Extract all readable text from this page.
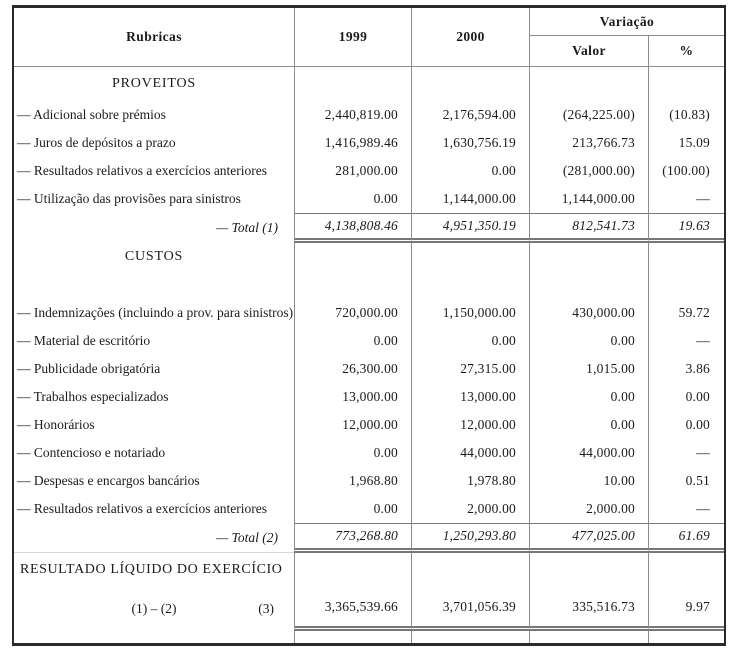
Rubricas	1999	2000
Variação
Valor	%
PROVEITOS
— Adicional sobre prémios	2,440,819.00	2,176,594.00	(264,225.00)	(10.83)
— Juros de depósitos a prazo	1,416,989.46	1,630,756.19	213,766.73	15.09
— Resultados relativos a exercícios anteriores	281,000.00	0.00	(281,000.00)	(100.00)
— Utilização das provisões para sinistros	0.00	1,144,000.00	1,144,000.00	—
— Total (1)	4,138,808.46	4,951,350.19	812,541.73	19.63
CUSTOS
— Indemnizações (incluindo a prov. para sinistros)	720,000.00	1,150,000.00	430,000.00	59.72
— Material de escritório	0.00	0.00	0.00	—
— Publicidade obrigatória	26,300.00	27,315.00	1,015.00	3.86
— Trabalhos especializados	13,000.00	13,000.00	0.00	0.00
— Honorários	12,000.00	12,000.00	0.00	0.00
— Contencioso e notariado	0.00	44,000.00	44,000.00	—
— Despesas e encargos bancários	1,968.80	1,978.80	10.00	0.51
— Resultados relativos a exercícios anteriores	0.00	2,000.00	2,000.00	—
— Total (2)	773,268.80	1,250,293.80	477,025.00	61.69
RESULTADO LÍQUIDO DO EXERCÍCIO
(1) – (2)	(3)	3,365,539.66	3,701,056.39	335,516.73	9.97
